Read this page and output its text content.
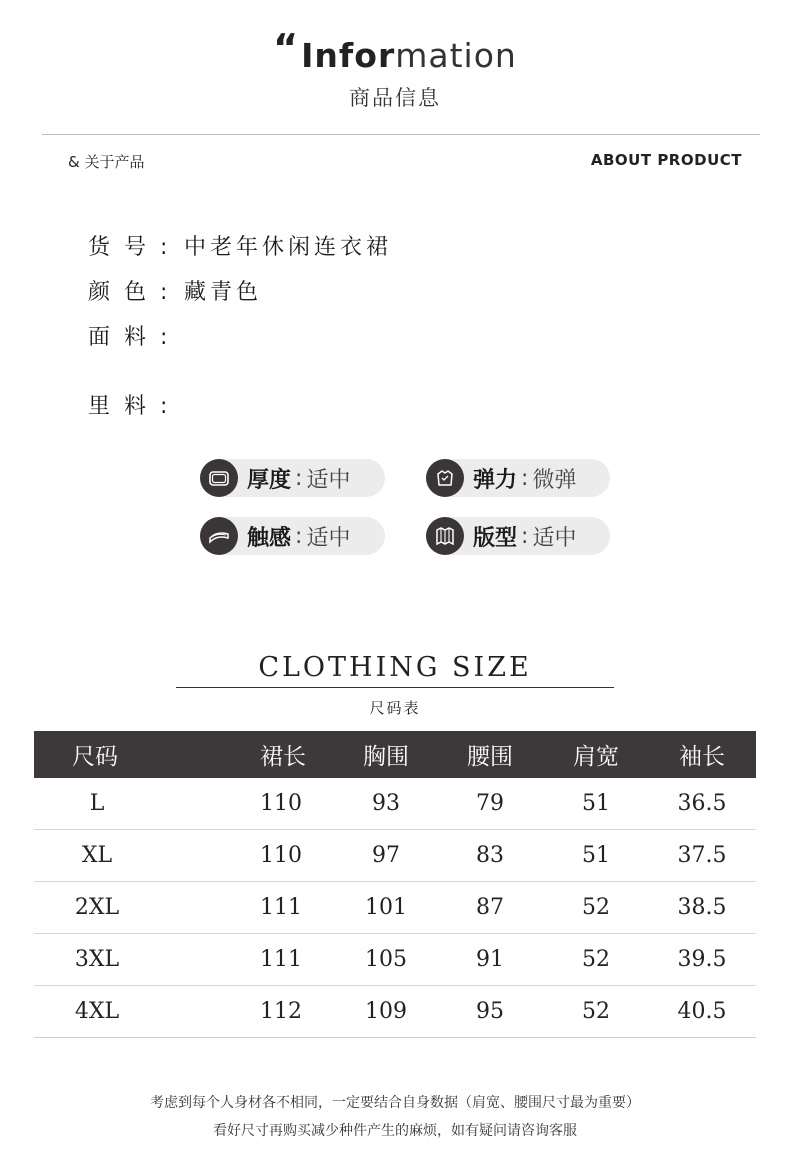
“Information
商品信息
& 关于产品	ABOUT PRODUCT
货号: 中老年休闲连衣裙
颜色: 藏青色
面料:
里料:
厚度 : 适中	弹力 : 微弹
触感 : 适中	版型 : 适中
CLOTHING SIZE
尺码表
尺码	裙长	胸围	腰围	肩宽	袖长
L	110	93	79	51	36.5
XL	110	97	83	51	37.5
2XL	111	101	87	52	38.5
3XL	111	105	91	52	39.5
4XL	112	109	95	52	40.5
考虑到每个人身材各不相同，一定要结合自身数据（肩宽、腰围尺寸最为重要）
看好尺寸再购买减少种件产生的麻烦，如有疑问请咨询客服
